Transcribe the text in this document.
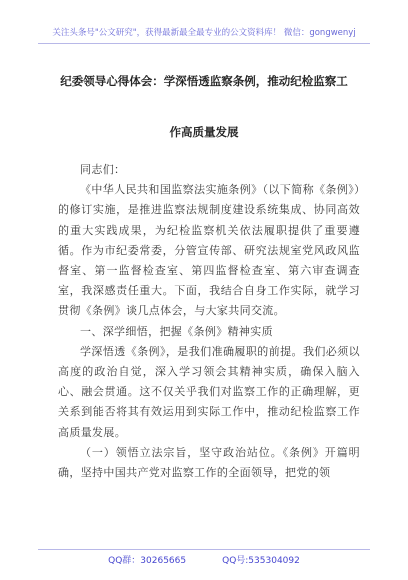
关注头条号"公文研究"，获得最新最全最专业的公文资料库！ 微信：gongwenyj
纪委领导心得体会：学深悟透监察条例，推动纪检监察工
作高质量发展

同志们：

《中华人民共和国监察法实施条例》（以下简称《条例》）的修订实施，是推进监察法规制度建设系统集成、协同高效的重大实践成果，为纪检监察机关依法履职提供了重要遵循。作为市纪委常委，分管宣传部、研究法规室党风政风监督室、第一监督检查室、第四监督检查室、第六审查调查室，我深感责任重大。下面，我结合自身工作实际，就学习贯彻《条例》谈几点体会，与大家共同交流。

一、深学细悟，把握《条例》精神实质

学深悟透《条例》，是我们准确履职的前提。我们必须以高度的政治自觉，深入学习领会其精神实质，确保入脑入心、融会贯通。这不仅关乎我们对监察工作的正确理解，更关系到能否将其有效运用到实际工作中，推动纪检监察工作高质量发展。

（一）领悟立法宗旨，坚守政治站位。《条例》开篇明确，坚持中国共产党对监察工作的全面领导，把党的领

QQ群：30265665	QQ号:535304092
